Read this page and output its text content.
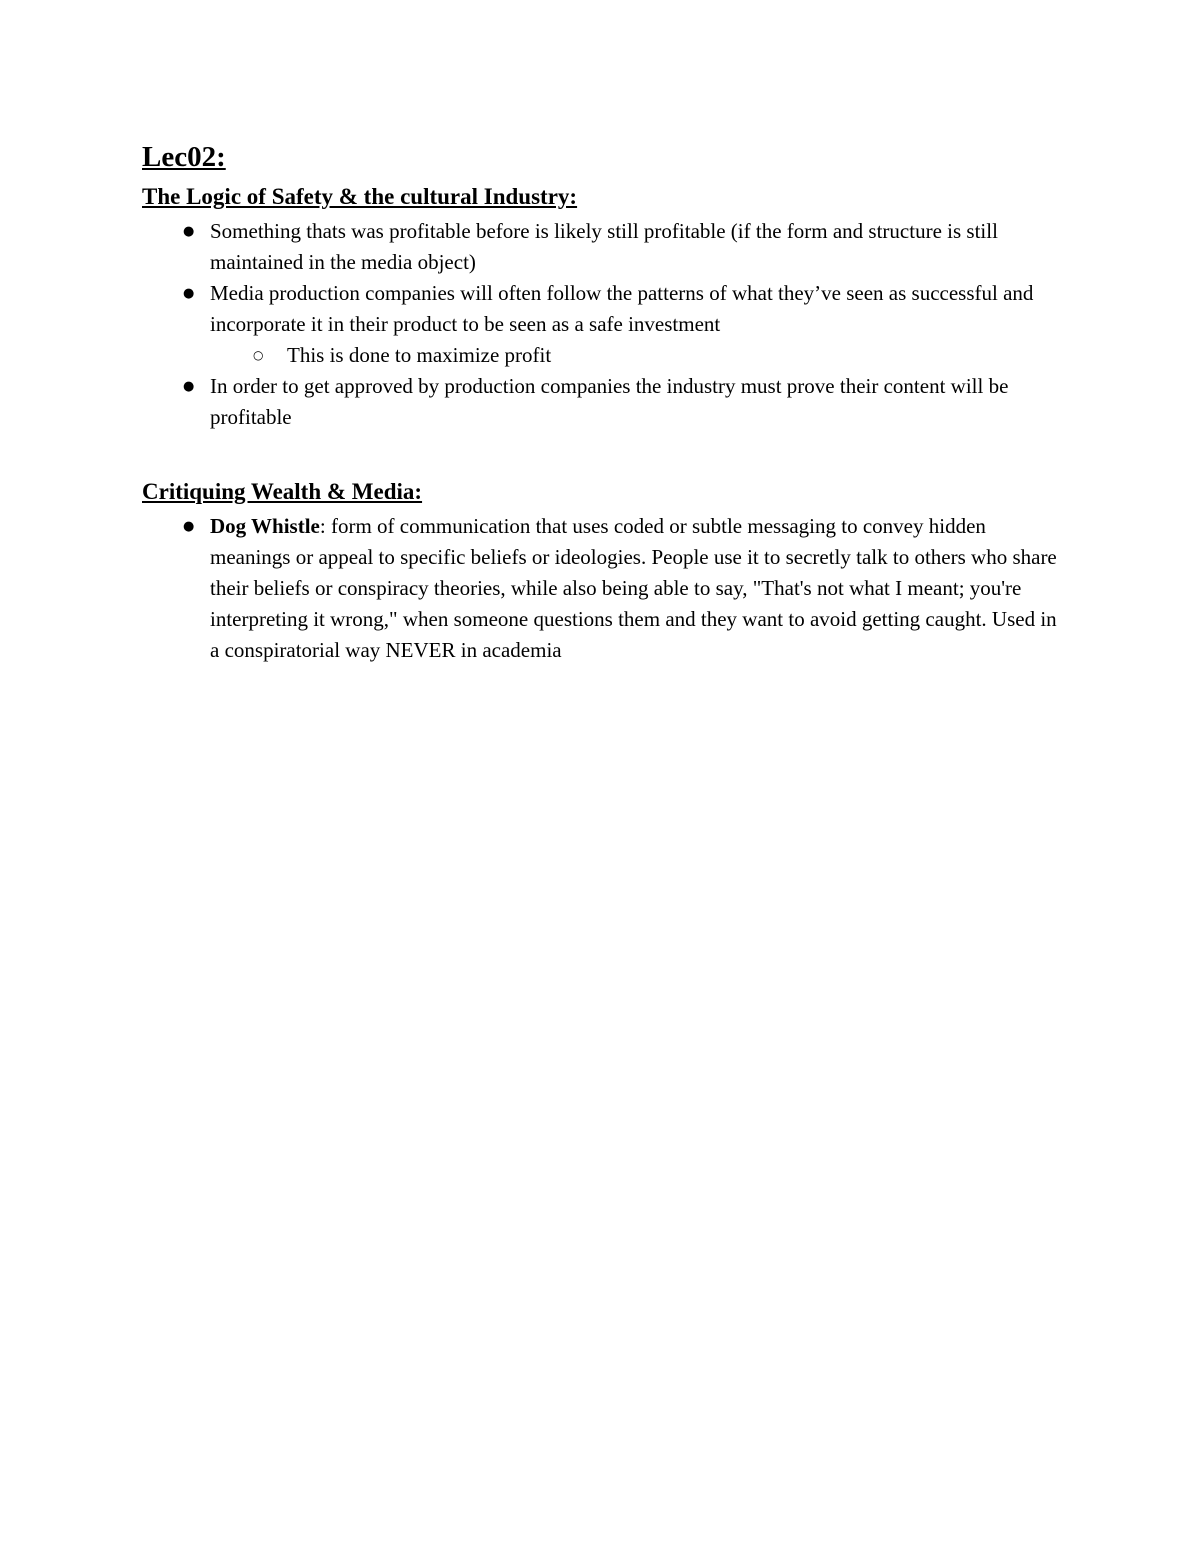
Lec02:
The Logic of Safety & the cultural Industry:
● Something thats was profitable before is likely still profitable (if the form and structure is still maintained in the media object)
● Media production companies will often follow the patterns of what they’ve seen as successful and incorporate it in their product to be seen as a safe investment
○ This is done to maximize profit
● In order to get approved by production companies the industry must prove their content will be profitable
Critiquing Wealth & Media:
● Dog Whistle: form of communication that uses coded or subtle messaging to convey hidden meanings or appeal to specific beliefs or ideologies. People use it to secretly talk to others who share their beliefs or conspiracy theories, while also being able to say, "That's not what I meant; you're interpreting it wrong," when someone questions them and they want to avoid getting caught. Used in a conspiratorial way NEVER in academia
